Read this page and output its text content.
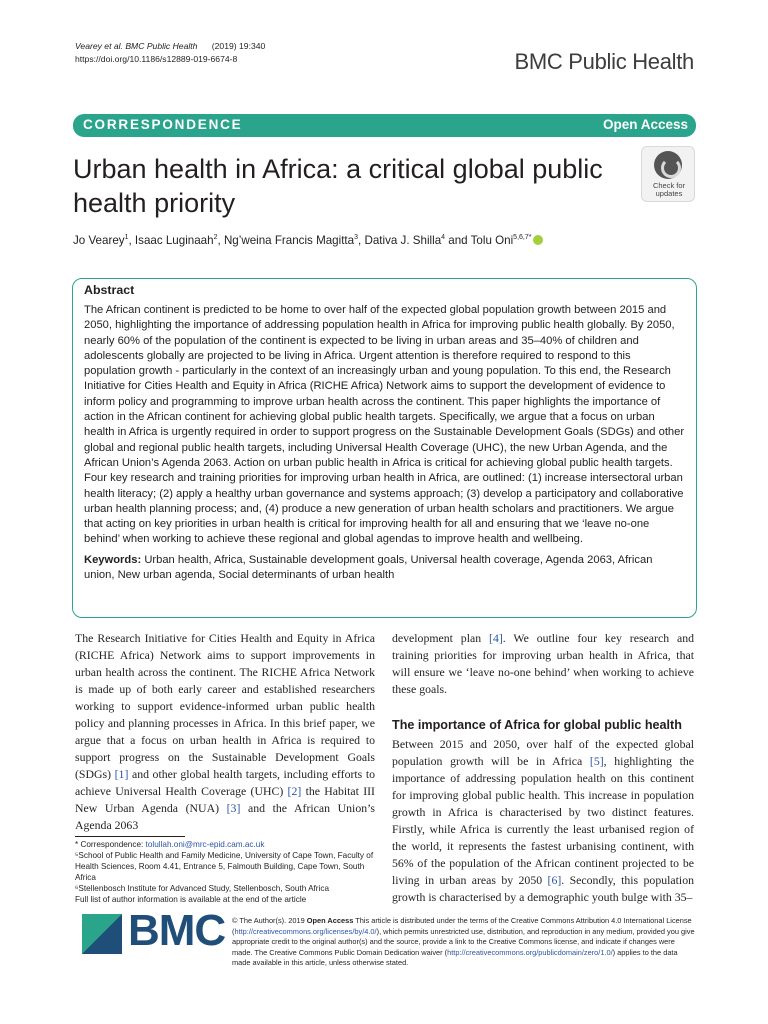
Vearey et al. BMC Public Health (2019) 19:340
https://doi.org/10.1186/s12889-019-6674-8	BMC Public Health
CORRESPONDENCE	Open Access
Urban health in Africa: a critical global public health priority
Check for
updates
Jo Vearey$^1$, Isaac Luginaah$^2$, Ng’weina Francis Magitta$^3$, Dativa J. Shilla$^4$ and Tolu Oni$^{5,6,7*}$
Abstract
The African continent is predicted to be home to over half of the expected global population growth between 2015 and 2050, highlighting the importance of addressing population health in Africa for improving public health globally. By 2050, nearly 60% of the population of the continent is expected to be living in urban areas and 35–40% of children and adolescents globally are projected to be living in Africa. Urgent attention is therefore required to respond to this population growth - particularly in the context of an increasingly urban and young population. To this end, the Research Initiative for Cities Health and Equity in Africa (RICHE Africa) Network aims to support the development of evidence to inform policy and programming to improve urban health across the continent. This paper highlights the importance of action in the African continent for achieving global public health targets. Specifically, we argue that a focus on urban health in Africa is urgently required in order to support progress on the Sustainable Development Goals (SDGs) and other global and regional public health targets, including Universal Health Coverage (UHC), the new Urban Agenda, and the African Union’s Agenda 2063. Action on urban public health in Africa is critical for achieving global public health targets. Four key research and training priorities for improving urban health in Africa, are outlined: (1) increase intersectoral urban health literacy; (2) apply a healthy urban governance and systems approach; (3) develop a participatory and collaborative urban health planning process; and, (4) produce a new generation of urban health scholars and practitioners. We argue that acting on key priorities in urban health is critical for improving health for all and ensuring that we ‘leave no-one behind’ when working to achieve these regional and global agendas to improve health and wellbeing.
Keywords: Urban health, Africa, Sustainable development goals, Universal health coverage, Agenda 2063, African union, New urban agenda, Social determinants of urban health
The Research Initiative for Cities Health and Equity in Africa (RICHE Africa) Network aims to support improvements in urban health across the continent. The RICHE Africa Network is made up of both early career and established researchers working to support evidence-informed urban public health policy and planning processes in Africa. In this brief paper, we argue that a focus on urban health in Africa is required to support progress on the Sustainable Development Goals (SDGs) [1] and other global health targets, including efforts to achieve Universal Health Coverage (UHC) [2] the Habitat III New Urban Agenda (NUA) [3] and the African Union’s Agenda 2063
development plan [4]. We outline four key research and training priorities for improving urban health in Africa, that will ensure we ‘leave no-one behind’ when working to achieve these goals.
The importance of Africa for global public health
Between 2015 and 2050, over half of the expected global population growth will be in Africa [5], highlighting the importance of addressing population health on this continent for improving global public health. This increase in population growth in Africa is characterised by two distinct features. Firstly, while Africa is currently the least urbanised region of the world, it represents the fastest urbanising continent, with 56% of the population of the African continent projected to be living in urban areas by 2050 [6]. Secondly, this population growth is characterised by a demographic youth bulge with 35–
* Correspondence: tolullah.oni@mrc-epid.cam.ac.uk
⁵School of Public Health and Family Medicine, University of Cape Town, Faculty of Health Sciences, Room 4.41, Entrance 5, Falmouth Building, Cape Town, South Africa
⁶Stellenbosch Institute for Advanced Study, Stellenbosch, South Africa
Full list of author information is available at the end of the article
BMC © The Author(s). 2019 Open Access This article is distributed under the terms of the Creative Commons Attribution 4.0 International License (http://creativecommons.org/licenses/by/4.0/), which permits unrestricted use, distribution, and reproduction in any medium, provided you give appropriate credit to the original author(s) and the source, provide a link to the Creative Commons license, and indicate if changes were made. The Creative Commons Public Domain Dedication waiver (http://creativecommons.org/publicdomain/zero/1.0/) applies to the data made available in this article, unless otherwise stated.
